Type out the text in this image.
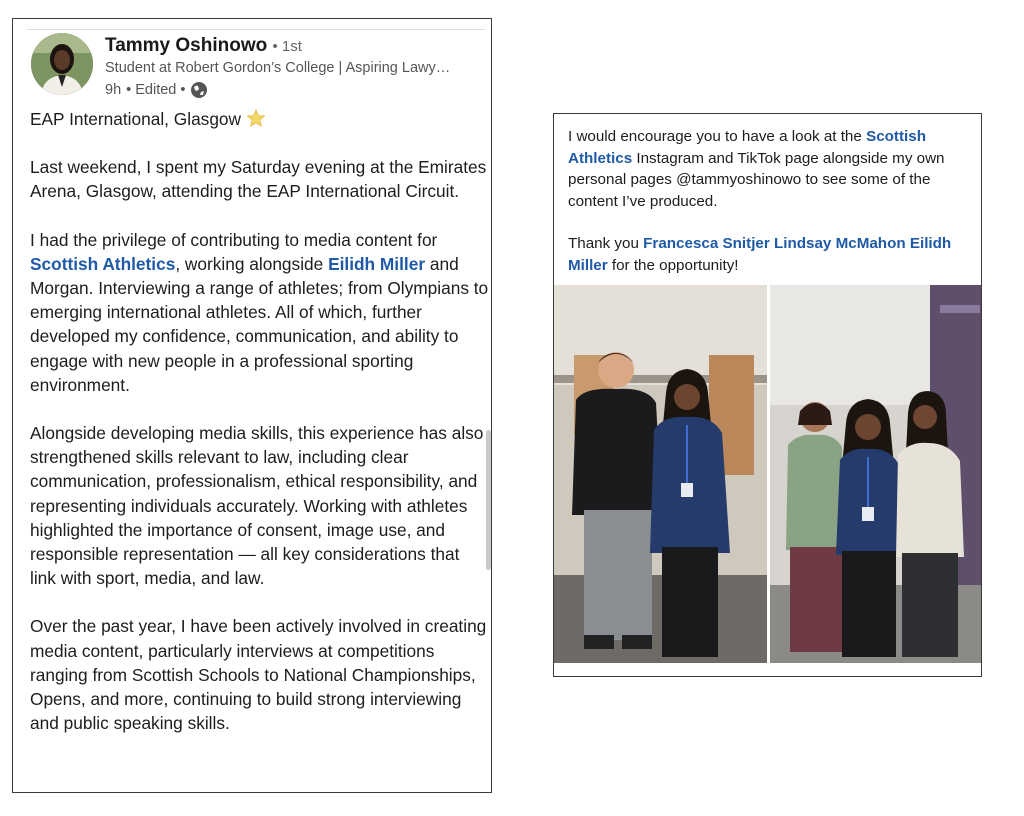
Tammy Oshinowo • 1st
Student at Robert Gordon’s College | Aspiring Lawy…
9h • Edited •

EAP International, Glasgow

Last weekend, I spent my Saturday evening at the Emirates Arena, Glasgow, attending the EAP International Circuit.

I had the privilege of contributing to media content for Scottish Athletics, working alongside Eilidh Miller and Morgan. Interviewing a range of athletes; from Olympians to emerging international athletes. All of which, further developed my confidence, communication, and ability to engage with new people in a professional sporting environment.

Alongside developing media skills, this experience has also strengthened skills relevant to law, including clear communication, professionalism, ethical responsibility, and representing individuals accurately. Working with athletes highlighted the importance of consent, image use, and responsible representation — all key considerations that link with sport, media, and law.

Over the past year, I have been actively involved in creating media content, particularly interviews at competitions ranging from Scottish Schools to National Championships, Opens, and more, continuing to build strong interviewing and public speaking skills.

I would encourage you to have a look at the Scottish Athletics Instagram and TikTok page alongside my own personal pages @tammyoshinowo to see some of the content I’ve produced.

Thank you Francesca Snitjer Lindsay McMahon Eilidh Miller for the opportunity!
